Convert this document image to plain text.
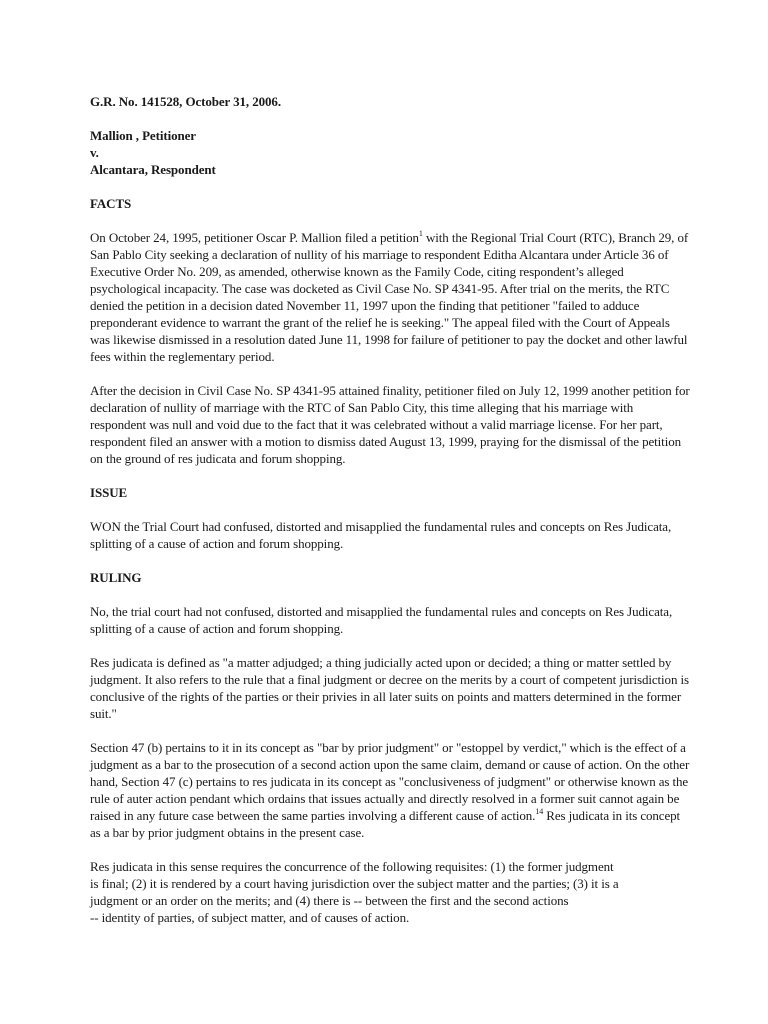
G.R. No. 141528, October 31, 2006.

Mallion , Petitioner

v.

Alcantara, Respondent

FACTS

On October 24, 1995, petitioner Oscar P. Mallion filed a petition$^1$ with the Regional Trial Court (RTC), Branch 29, of San Pablo City seeking a declaration of nullity of his marriage to respondent Editha Alcantara under Article 36 of Executive Order No. 209, as amended, otherwise known as the Family Code, citing respondent’s alleged psychological incapacity. The case was docketed as Civil Case No. SP 4341-95. After trial on the merits, the RTC denied the petition in a decision dated November 11, 1997 upon the finding that petitioner "failed to adduce preponderant evidence to warrant the grant of the relief he is seeking." The appeal filed with the Court of Appeals was likewise dismissed in a resolution dated June 11, 1998 for failure of petitioner to pay the docket and other lawful fees within the reglementary period.

After the decision in Civil Case No. SP 4341-95 attained finality, petitioner filed on July 12, 1999 another petition for declaration of nullity of marriage with the RTC of San Pablo City, this time alleging that his marriage with respondent was null and void due to the fact that it was celebrated without a valid marriage license. For her part, respondent filed an answer with a motion to dismiss dated August 13, 1999, praying for the dismissal of the petition on the ground of res judicata and forum shopping.

ISSUE

WON the Trial Court had confused, distorted and misapplied the fundamental rules and concepts on Res Judicata, splitting of a cause of action and forum shopping.

RULING

No, the trial court had not confused, distorted and misapplied the fundamental rules and concepts on Res Judicata, splitting of a cause of action and forum shopping.

Res judicata is defined as "a matter adjudged; a thing judicially acted upon or decided; a thing or matter settled by judgment. It also refers to the rule that a final judgment or decree on the merits by a court of competent jurisdiction is conclusive of the rights of the parties or their privies in all later suits on points and matters determined in the former suit."

Section 47 (b) pertains to it in its concept as "bar by prior judgment" or "estoppel by verdict," which is the effect of a judgment as a bar to the prosecution of a second action upon the same claim, demand or cause of action. On the other hand, Section 47 (c) pertains to res judicata in its concept as "conclusiveness of judgment" or otherwise known as the rule of auter action pendant which ordains that issues actually and directly resolved in a former suit cannot again be raised in any future case between the same parties involving a different cause of action.$^{14}$ Res judicata in its concept as a bar by prior judgment obtains in the present case.

Res judicata in this sense requires the concurrence of the following requisites: (1) the former judgment

is final; (2) it is rendered by a court having jurisdiction over the subject matter and the parties; (3) it is a

judgment or an order on the merits; and (4) there is -- between the first and the second actions

-- identity of parties, of subject matter, and of causes of action.
